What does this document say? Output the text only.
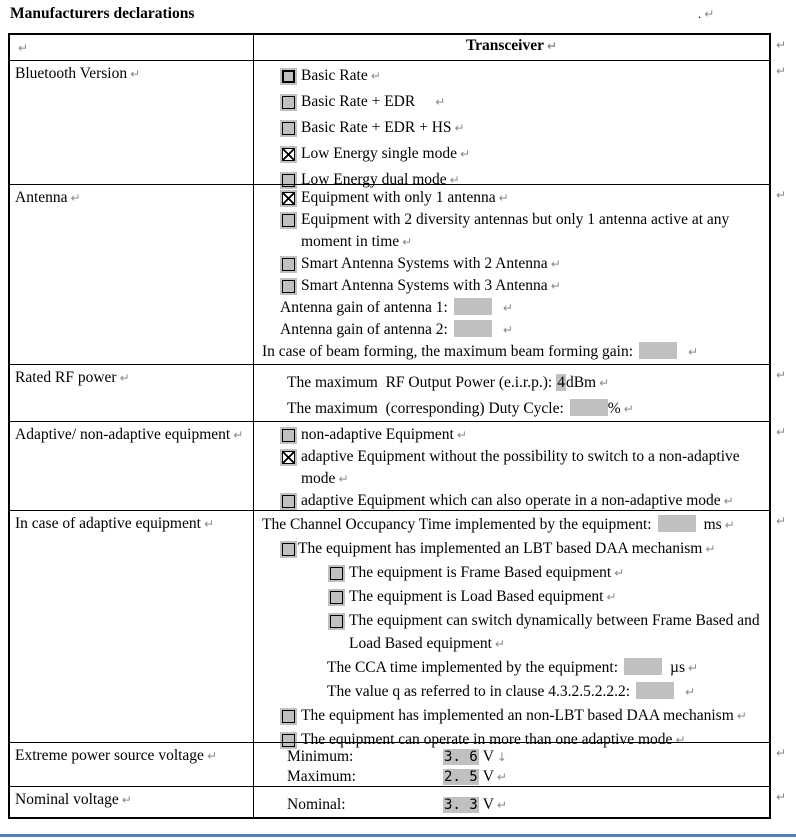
Manufacturers declarations	. ↵
↵	Transceiver ↵	↵
Bluetooth Version ↵	Basic Rate ↵
Basic Rate + EDR ↵
Basic Rate + EDR + HS ↵
Low Energy single mode ↵
Low Energy dual mode ↵
↵
Antenna ↵	Equipment with only 1 antenna ↵
Equipment with 2 diversity antennas but only 1 antenna active at any moment in time ↵
Smart Antenna Systems with 2 Antenna ↵
Smart Antenna Systems with 3 Antenna ↵
Antenna gain of antenna 1:	↵
Antenna gain of antenna 2:	↵
In case of beam forming, the maximum beam forming gain:	↵
↵
Rated RF power ↵	The maximum  RF Output Power (e.i.r.p.): 4dBm ↵
The maximum  (corresponding) Duty Cycle:	% ↵
↵
Adaptive/ non-adaptive equipment ↵	non-adaptive Equipment ↵
adaptive Equipment without the possibility to switch to a non-adaptive mode ↵
adaptive Equipment which can also operate in a non-adaptive mode ↵
↵
In case of adaptive equipment ↵	The Channel Occupancy Time implemented by the equipment:	ms ↵
The equipment has implemented an LBT based DAA mechanism ↵
The equipment is Frame Based equipment ↵
The equipment is Load Based equipment ↵
The equipment can switch dynamically between Frame Based and Load Based equipment ↵
The CCA time implemented by the equipment:	µs ↵
The value q as referred to in clause 4.3.2.5.2.2.2:	↵
The equipment has implemented an non-LBT based DAA mechanism ↵
The equipment can operate in more than one adaptive mode ↵
↵
Extreme power source voltage ↵	Minimum:	3. 6 V ↓
Maximum:	2. 5 V ↵
↵
Nominal voltage ↵	Nominal:	3. 3 V ↵
↵
